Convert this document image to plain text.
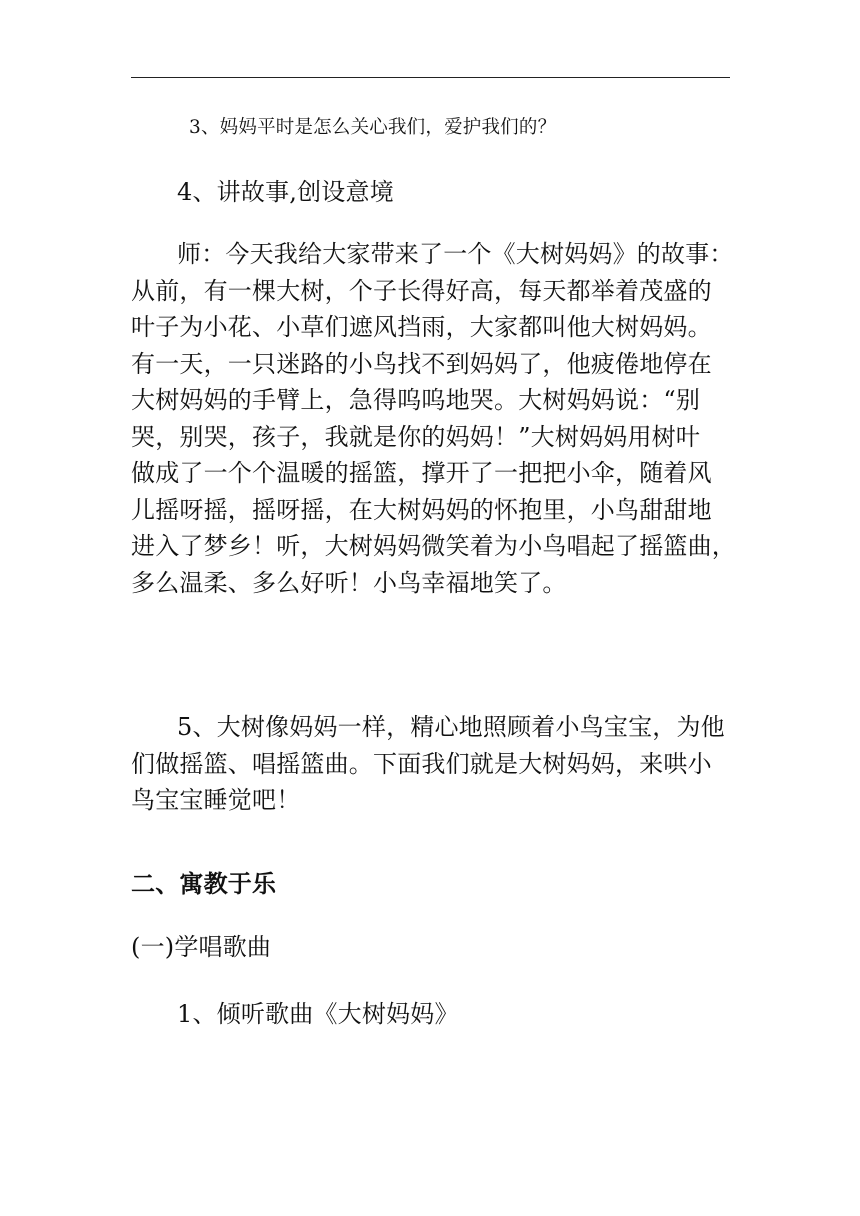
3、妈妈平时是怎么关心我们，爱护我们的？

4、讲故事,创设意境

师：今天我给大家带来了一个《大树妈妈》的故事：
从前，有一棵大树，个子长得好高，每天都举着茂盛的
叶子为小花、小草们遮风挡雨，大家都叫他大树妈妈。
有一天，一只迷路的小鸟找不到妈妈了，他疲倦地停在
大树妈妈的手臂上，急得呜呜地哭。大树妈妈说：“别
哭，别哭，孩子，我就是你的妈妈！”大树妈妈用树叶
做成了一个个温暖的摇篮，撑开了一把把小伞，随着风
儿摇呀摇，摇呀摇，在大树妈妈的怀抱里，小鸟甜甜地
进入了梦乡！听，大树妈妈微笑着为小鸟唱起了摇篮曲，
多么温柔、多么好听！小鸟幸福地笑了。
5、大树像妈妈一样，精心地照顾着小鸟宝宝，为他
们做摇篮、唱摇篮曲。下面我们就是大树妈妈，来哄小
鸟宝宝睡觉吧！

二、寓教于乐

(一)学唱歌曲

1、倾听歌曲《大树妈妈》
